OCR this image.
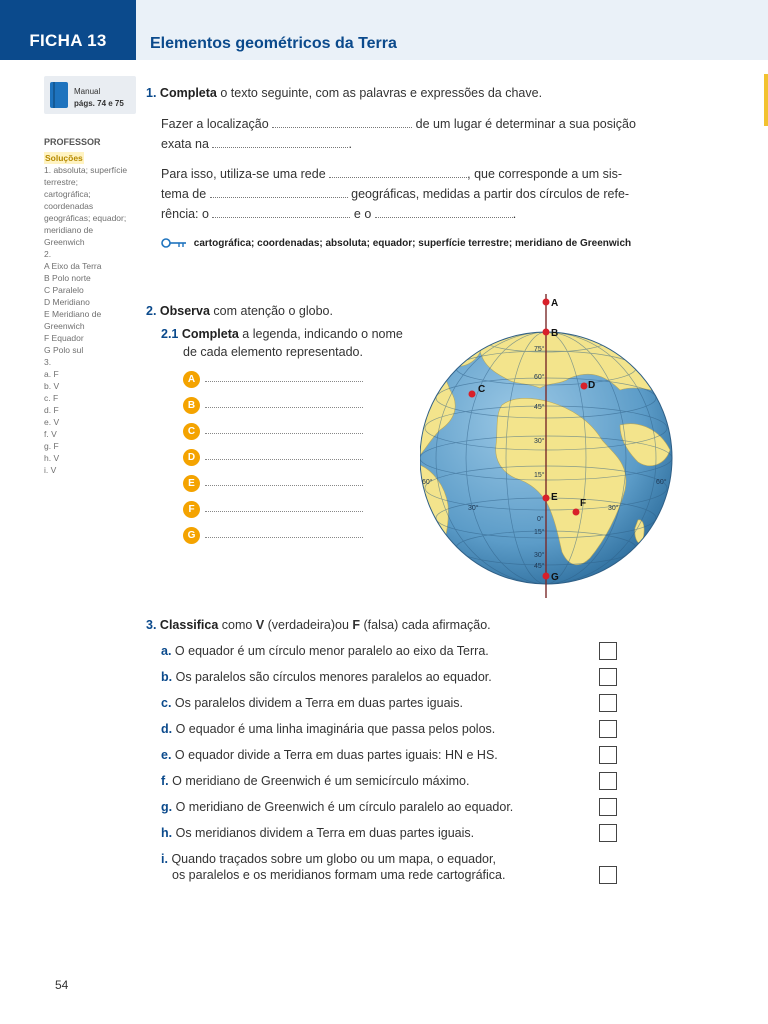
FICHA 13	Elementos geométricos da Terra
Manual
págs. 74 e 75
PROFESSOR
Soluções
1. absoluta; superfície
terrestre;
cartográfica;
coordenadas
geográficas; equador;
meridiano de
Greenwich
2.
A Eixo da Terra
B Polo norte
C Paralelo
D Meridiano
E Meridiano de
Greenwich
F Equador
G Polo sul
3.
a. F
b. V
c. F
d. F
e. V
f. V
g. F
h. V
i. V
1. Completa o texto seguinte, com as palavras e expressões da chave.
Fazer a localização	de um lugar é determinar a sua posição
exata na	.
Para isso, utiliza-se uma rede	, que corresponde a um sis-
tema de	geográficas, medidas a partir dos círculos de refe-
rência: o	e o	.
cartográfica; coordenadas; absoluta; equador; superfície terrestre; meridiano de Greenwich
2. Observa com atenção o globo.
2.1 Completa a legenda, indicando o nome
de cada elemento representado.
A
B
C
D
E
F
G
A
B
C	D
E
F
G
75°
60°
45°
30°
15°
0°
15°
30°
45°
60°
30°	30°
60°
3. Classifica como V (verdadeira)ou F (falsa) cada afirmação.
a. O equador é um círculo menor paralelo ao eixo da Terra.
b. Os paralelos são círculos menores paralelos ao equador.
c. Os paralelos dividem a Terra em duas partes iguais.
d. O equador é uma linha imaginária que passa pelos polos.
e. O equador divide a Terra em duas partes iguais: HN e HS.
f. O meridiano de Greenwich é um semicírculo máximo.
g. O meridiano de Greenwich é um círculo paralelo ao equador.
h. Os meridianos dividem a Terra em duas partes iguais.
i. Quando traçados sobre um globo ou um mapa, o equador,
os paralelos e os meridianos formam uma rede cartográfica.
54
